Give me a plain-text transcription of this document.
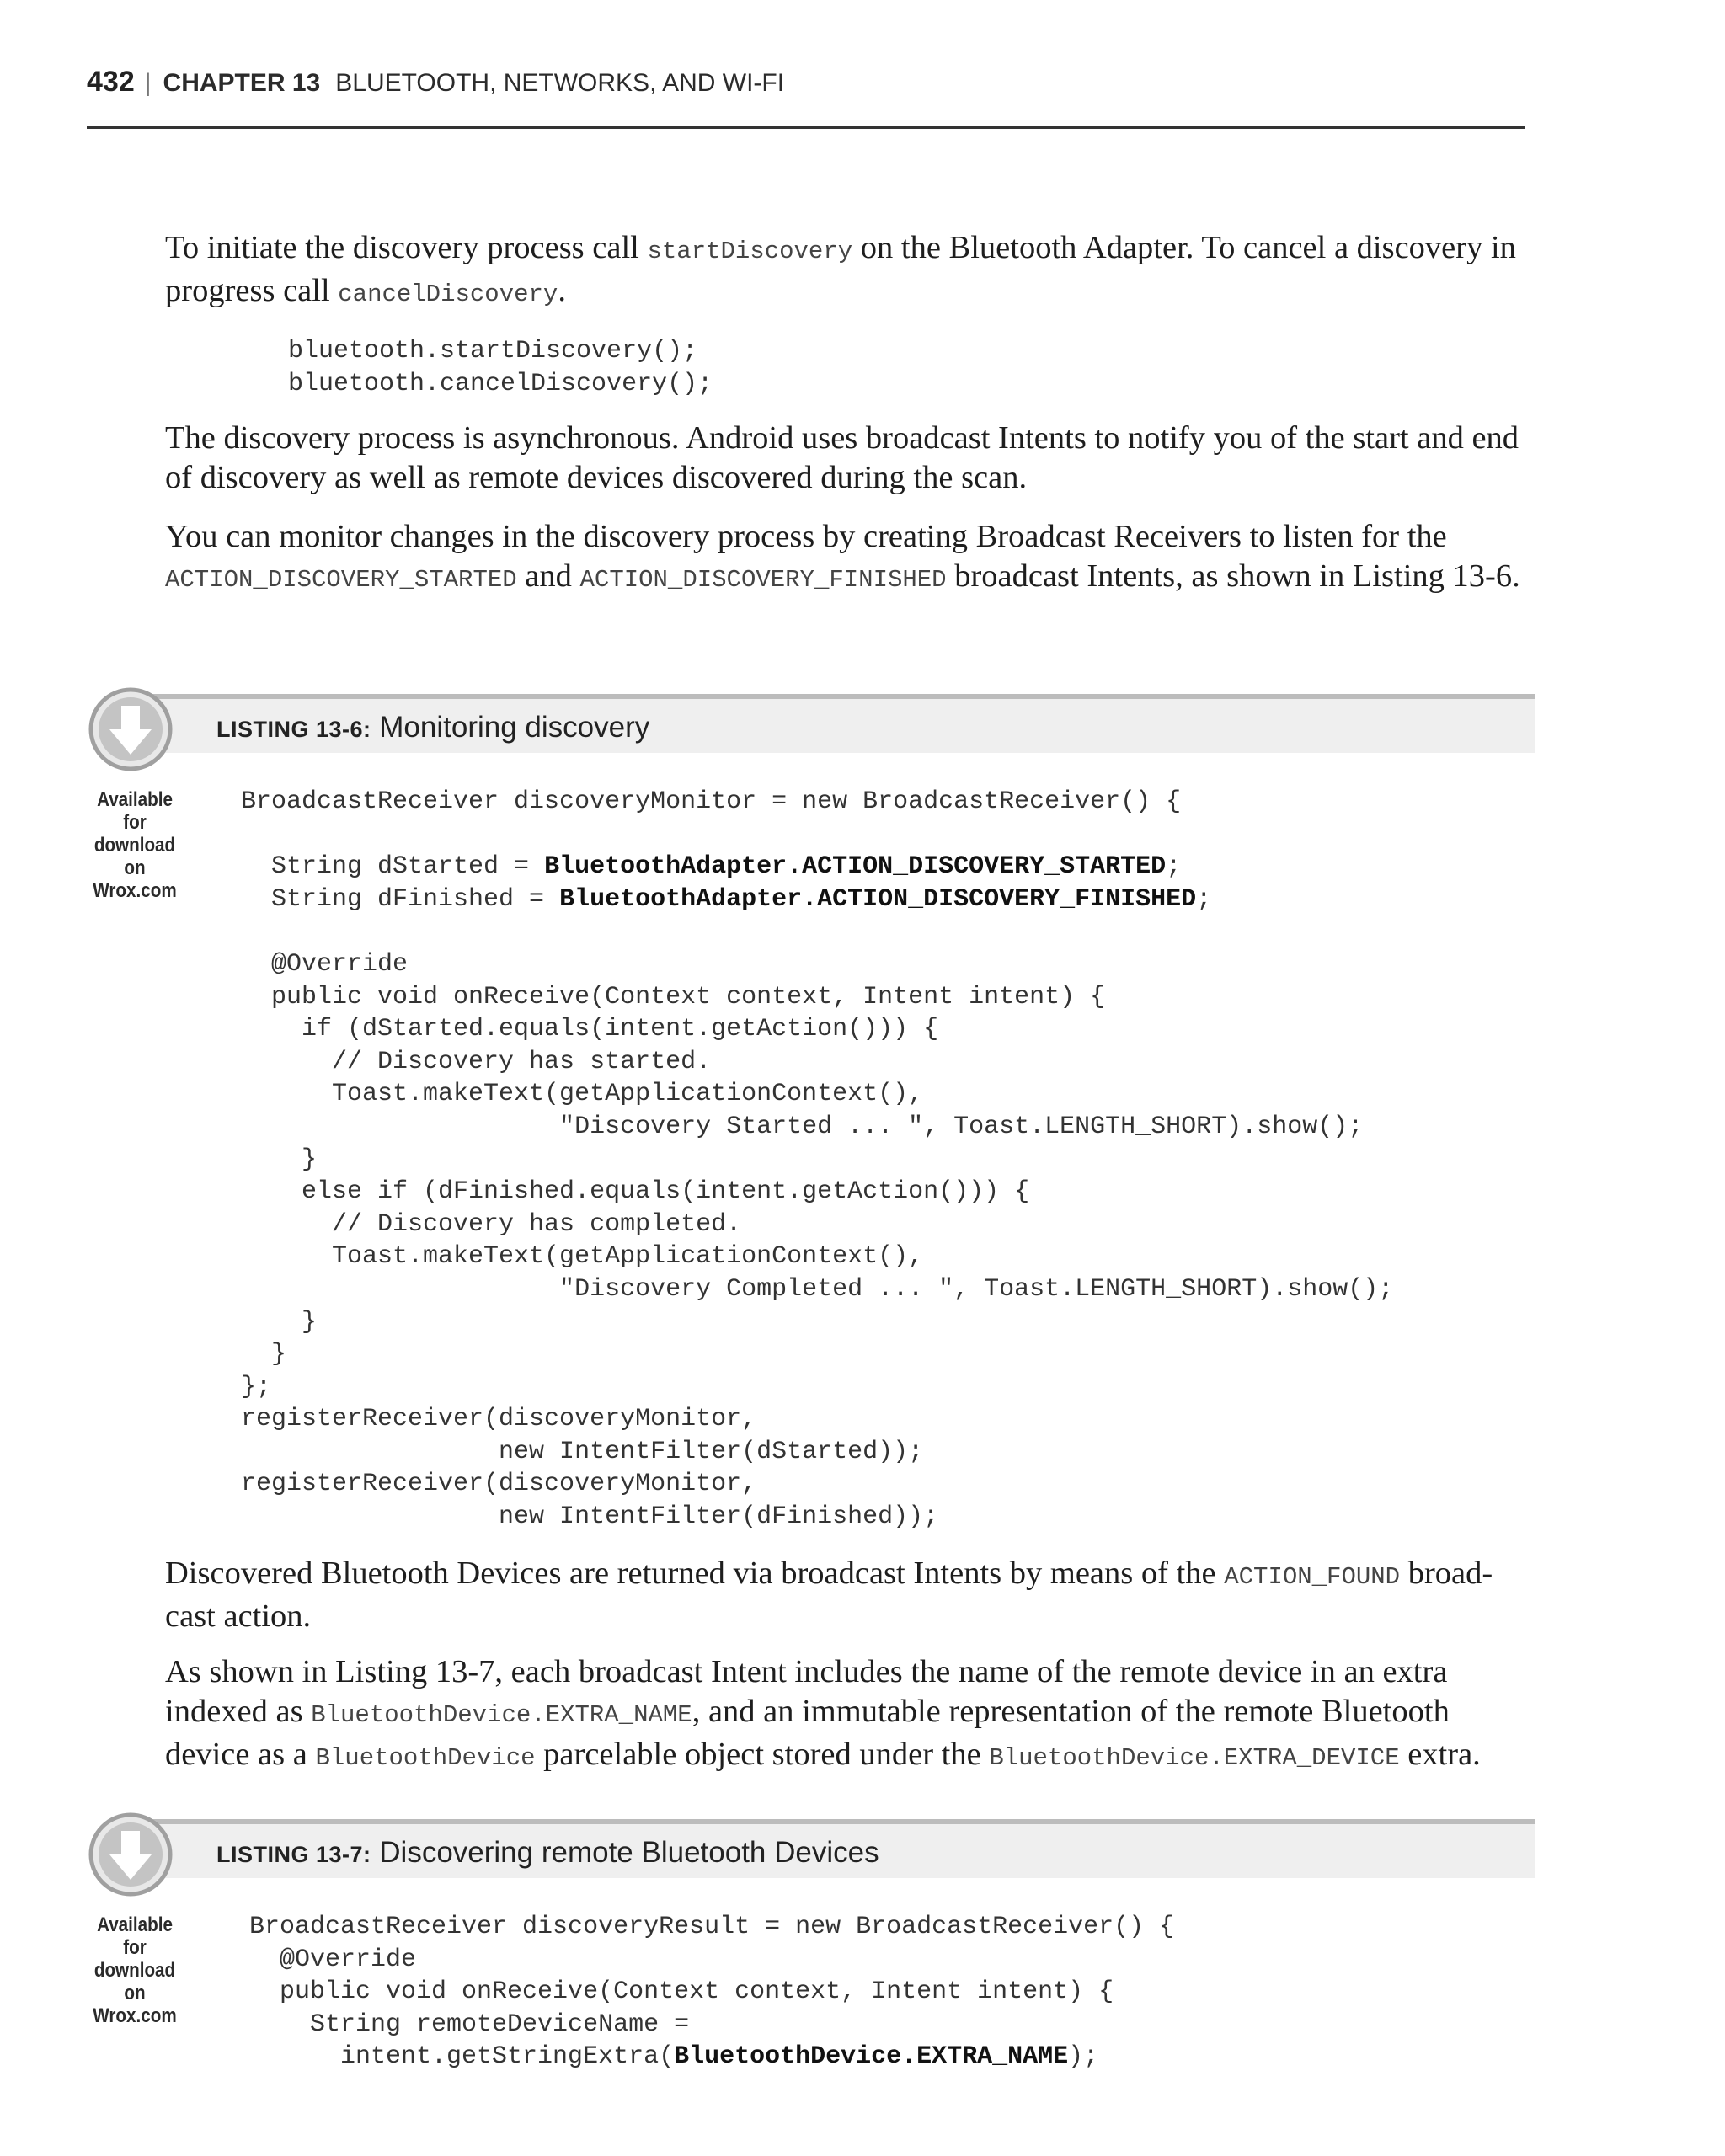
432 | CHAPTER 13 BLUETOOTH, NETWORKS, AND WI-FI

To initiate the discovery process call startDiscovery on the Bluetooth Adapter. To cancel a discovery in progress call cancelDiscovery.

bluetooth.startDiscovery();
bluetooth.cancelDiscovery();

The discovery process is asynchronous. Android uses broadcast Intents to notify you of the start and end of discovery as well as remote devices discovered during the scan.

You can monitor changes in the discovery process by creating Broadcast Receivers to listen for the ACTION_DISCOVERY_STARTED and ACTION_DISCOVERY_FINISHED broadcast Intents, as shown in Listing 13-6.

LISTING 13-6: Monitoring discovery
Available for download on Wrox.com
BroadcastReceiver discoveryMonitor = new BroadcastReceiver() {

String dStarted = BluetoothAdapter.ACTION_DISCOVERY_STARTED;
String dFinished = BluetoothAdapter.ACTION_DISCOVERY_FINISHED;

@Override
public void onReceive(Context context, Intent intent) {
if (dStarted.equals(intent.getAction())) {
// Discovery has started.
Toast.makeText(getApplicationContext(),
"Discovery Started ... ", Toast.LENGTH_SHORT).show();
}
else if (dFinished.equals(intent.getAction())) {
// Discovery has completed.
Toast.makeText(getApplicationContext(),
"Discovery Completed ... ", Toast.LENGTH_SHORT).show();
}
}
};
registerReceiver(discoveryMonitor,
new IntentFilter(dStarted));
registerReceiver(discoveryMonitor,
new IntentFilter(dFinished));

Discovered Bluetooth Devices are returned via broadcast Intents by means of the ACTION_FOUND broadcast action.

As shown in Listing 13-7, each broadcast Intent includes the name of the remote device in an extra indexed as BluetoothDevice.EXTRA_NAME, and an immutable representation of the remote Bluetooth device as a BluetoothDevice parcelable object stored under the BluetoothDevice.EXTRA_DEVICE extra.

LISTING 13-7: Discovering remote Bluetooth Devices
Available for download on Wrox.com
BroadcastReceiver discoveryResult = new BroadcastReceiver() {
@Override
public void onReceive(Context context, Intent intent) {
String remoteDeviceName =
intent.getStringExtra(BluetoothDevice.EXTRA_NAME);
